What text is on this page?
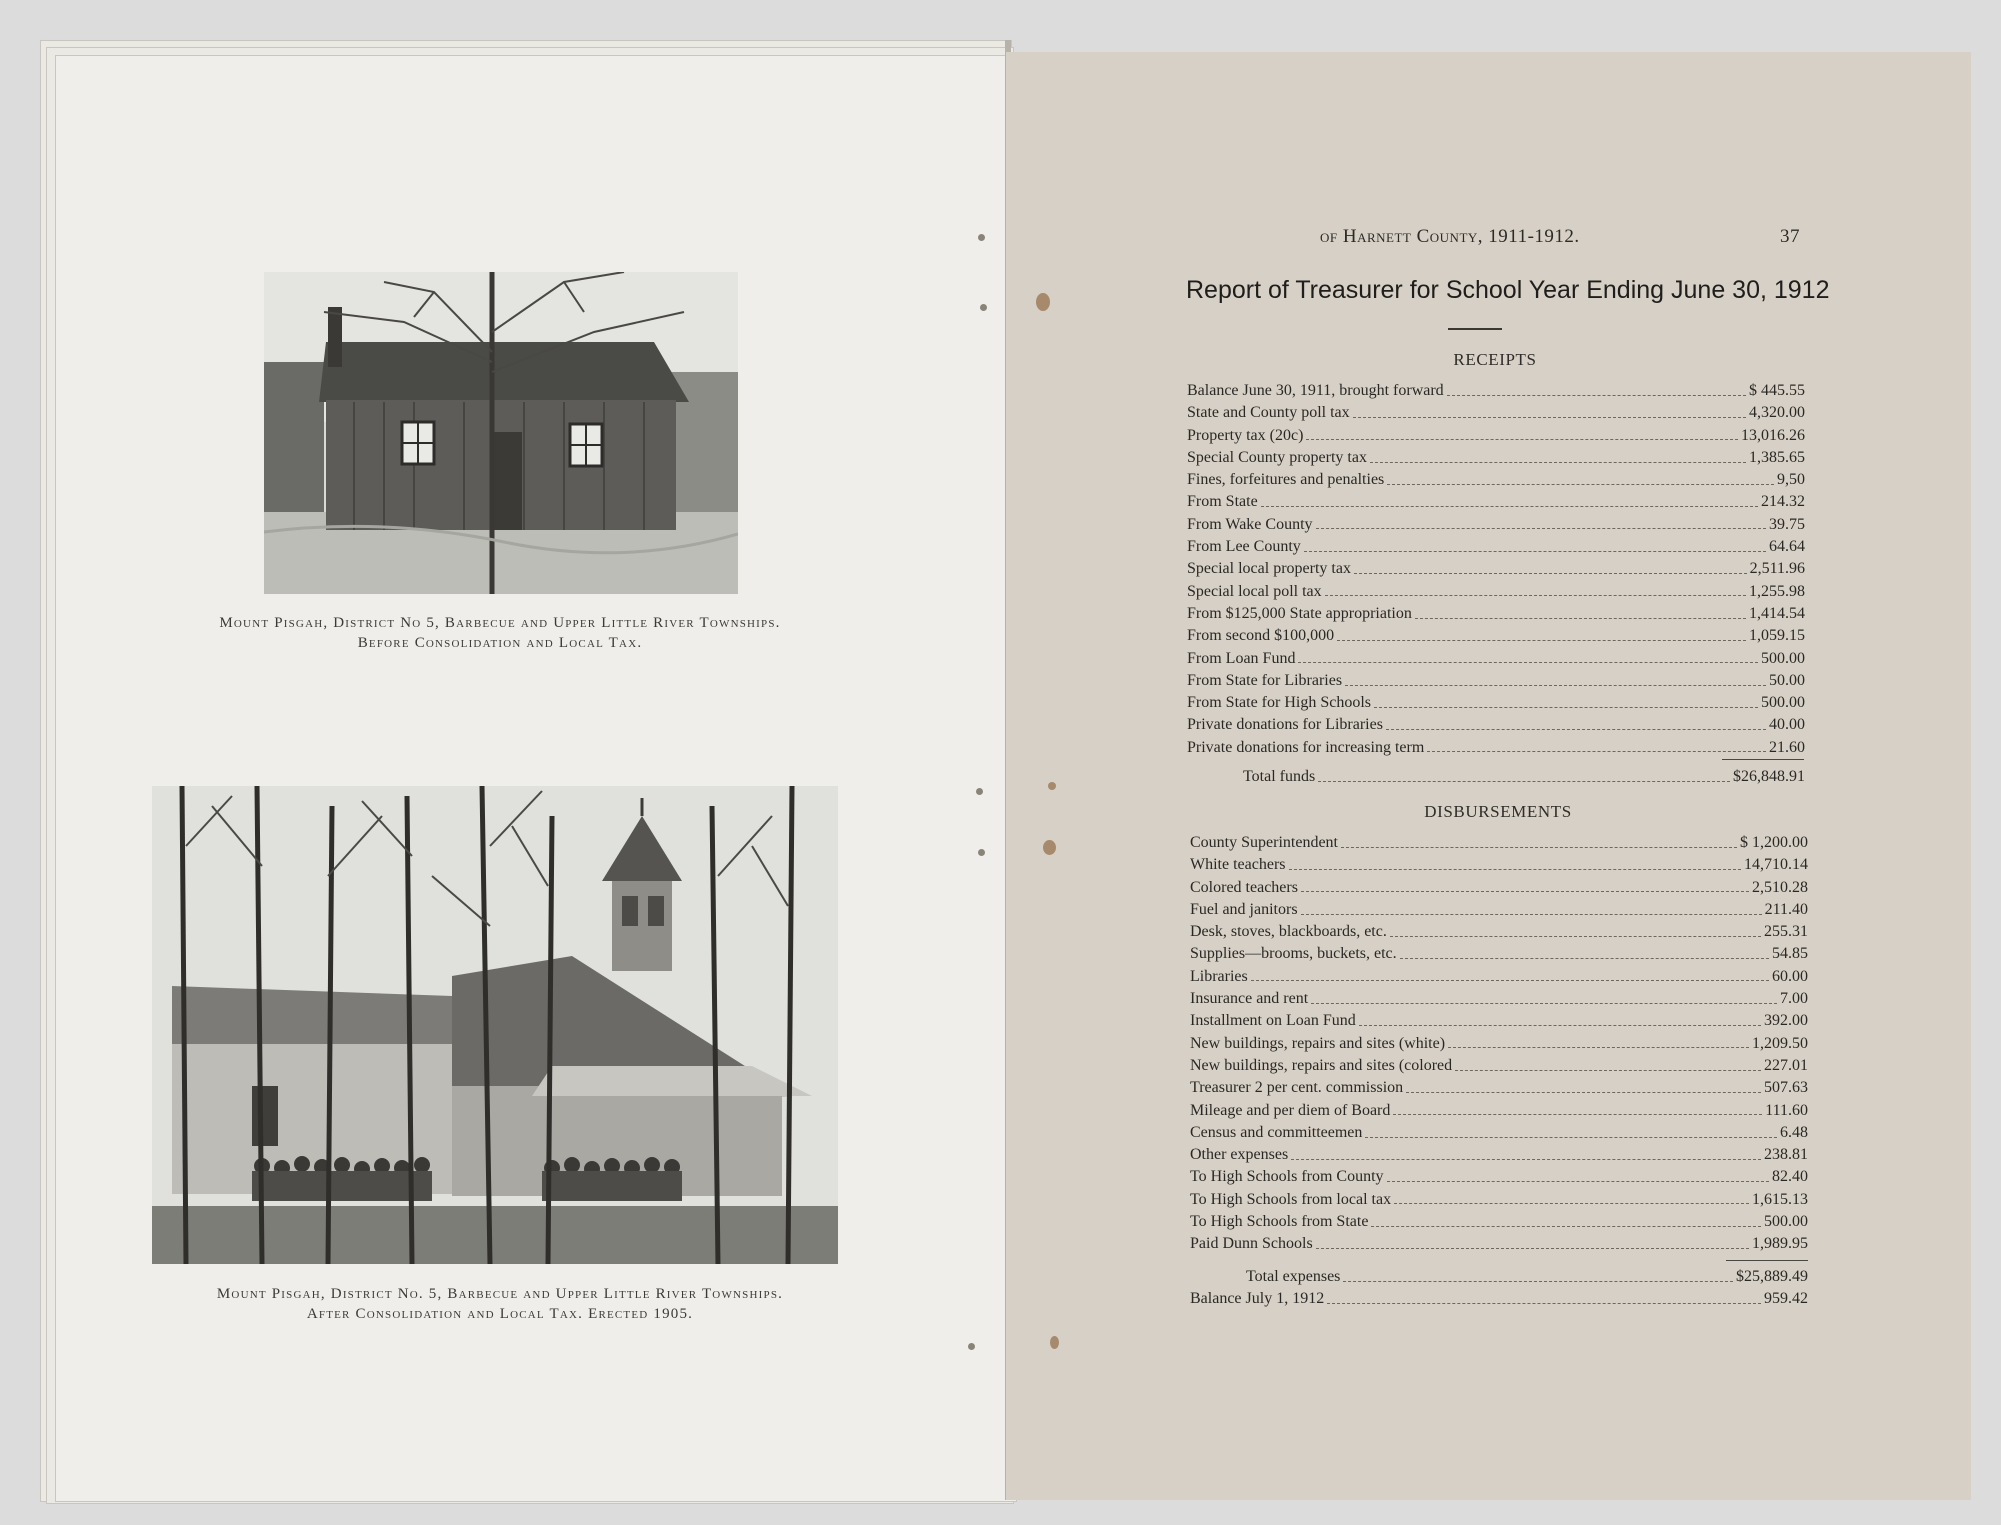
Mount Pisgah, District No 5, Barbecue and Upper Little River Townships.
Before Consolidation and Local Tax.
Mount Pisgah, District No. 5, Barbecue and Upper Little River Townships.
After Consolidation and Local Tax. Erected 1905.
of Harnett County, 1911-1912.	37
Report of Treasurer for School Year Ending June 30, 1912
RECEIPTS
Balance June 30, 1911, brought forward	$ 445.55
State and County poll tax	4,320.00
Property tax (20c)	13,016.26
Special County property tax	1,385.65
Fines, forfeitures and penalties	9,50
From State	214.32
From Wake County	39.75
From Lee County	64.64
Special local property tax	2,511.96
Special local poll tax	1,255.98
From $125,000 State appropriation	1,414.54
From second $100,000	1,059.15
From Loan Fund	500.00
From State for Libraries	50.00
From State for High Schools	500.00
Private donations for Libraries	40.00
Private donations for increasing term	21.60
Total funds	$26,848.91
DISBURSEMENTS
County Superintendent	$ 1,200.00
White teachers	14,710.14
Colored teachers	2,510.28
Fuel and janitors	211.40
Desk, stoves, blackboards, etc.	255.31
Supplies—brooms, buckets, etc.	54.85
Libraries	60.00
Insurance and rent	7.00
Installment on Loan Fund	392.00
New buildings, repairs and sites (white)	1,209.50
New buildings, repairs and sites (colored	227.01
Treasurer 2 per cent. commission	507.63
Mileage and per diem of Board	111.60
Census and committeemen	6.48
Other expenses	238.81
To High Schools from County	82.40
To High Schools from local tax	1,615.13
To High Schools from State	500.00
Paid Dunn Schools	1,989.95
Total expenses	$25,889.49
Balance July 1, 1912	959.42
